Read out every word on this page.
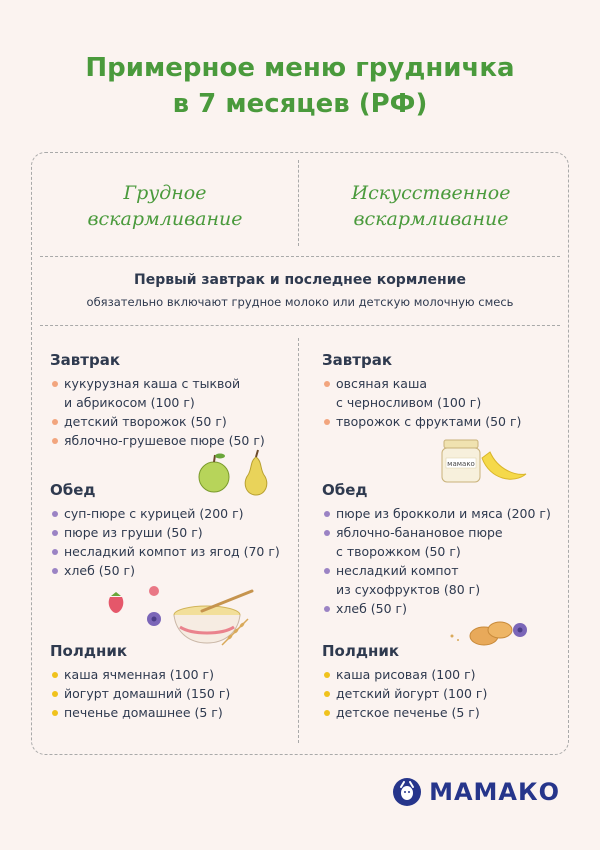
Примерное меню грудничка
в 7 месяцев (РФ)
Грудное
вскармливание
Искусственное
вскармливание
Первый завтрак и последнее кормление
обязательно включают грудное молоко или детскую молочную смесь
Завтрак
кукурузная каша с тыквой
и абрикосом (100 г)
детский творожок (50 г)
яблочно-грушевое пюре (50 г)
Обед
суп-пюре с курицей (200 г)
пюре из груши (50 г)
несладкий компот из ягод (70 г)
хлеб (50 г)
Полдник
каша ячменная (100 г)
йогурт домашний (150 г)
печенье домашнее (5 г)
Завтрак
овсяная каша
с черносливом (100 г)
творожок с фруктами (50 г)
Обед
пюре из брокколи и мяса (200 г)
яблочно-банановое пюре
с творожком (50 г)
несладкий компот
из сухофруктов (80 г)
хлеб (50 г)
Полдник
каша рисовая (100 г)
детский йогурт (100 г)
детское печенье (5 г)
мамако
МАМАКО
